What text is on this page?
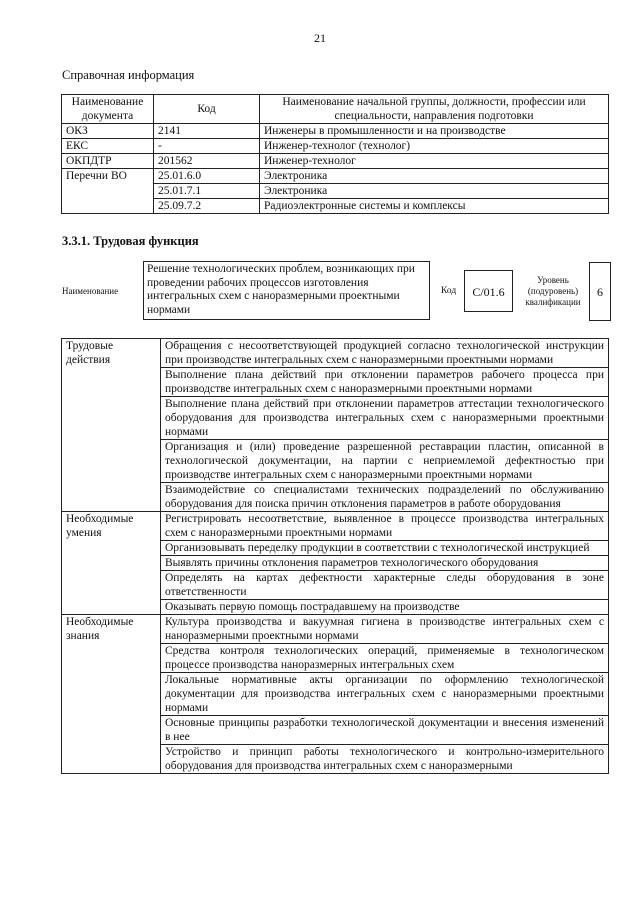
21
Справочная информация
Наименование документа	Код	Наименование начальной группы, должности, профессии или специальности, направления подготовки
ОКЗ	2141	Инженеры в промышленности и на производстве
ЕКС	-	Инженер-технолог (технолог)
ОКПДТР	201562	Инженер-технолог
Перечни ВО	25.01.6.0	Электроника
	25.01.7.1	Электроника
	25.09.7.2	Радиоэлектронные системы и комплексы
3.3.1. Трудовая функция
Наименование
Решение технологических проблем, возникающих при проведении рабочих процессов изготовления интегральных схем с наноразмерными проектными нормами
Код	C/01.6
Уровень (подуровень) квалификации
6
Трудовые действия	Обращения с несоответствующей продукцией согласно технологической инструкции при производстве интегральных схем с наноразмерными проектными нормами
	Выполнение плана действий при отклонении параметров рабочего процесса при производстве интегральных схем с наноразмерными проектными нормами
	Выполнение плана действий при отклонении параметров аттестации технологического оборудования для производства интегральных схем с наноразмерными проектными нормами
	Организация и (или) проведение разрешенной реставрации пластин, описанной в технологической документации, на партии с неприемлемой дефектностью при производстве интегральных схем с наноразмерными проектными нормами
	Взаимодействие со специалистами технических подразделений по обслуживанию оборудования для поиска причин отклонения параметров в работе оборудования
Необходимые умения	Регистрировать несоответствие, выявленное в процессе производства интегральных схем с наноразмерными проектными нормами
	Организовывать переделку продукции в соответствии с технологической инструкцией
	Выявлять причины отклонения параметров технологического оборудования
	Определять на картах дефектности характерные следы оборудования в зоне ответственности
	Оказывать первую помощь пострадавшему на производстве
Необходимые знания	Культура производства и вакуумная гигиена в производстве интегральных схем с наноразмерными проектными нормами
	Средства контроля технологических операций, применяемые в технологическом процессе производства наноразмерных интегральных схем
	Локальные нормативные акты организации по оформлению технологической документации для производства интегральных схем с наноразмерными проектными нормами
	Основные принципы разработки технологической документации и внесения изменений в нее
	Устройство и принцип работы технологического и контрольно-измерительного оборудования для производства интегральных схем с наноразмерными
